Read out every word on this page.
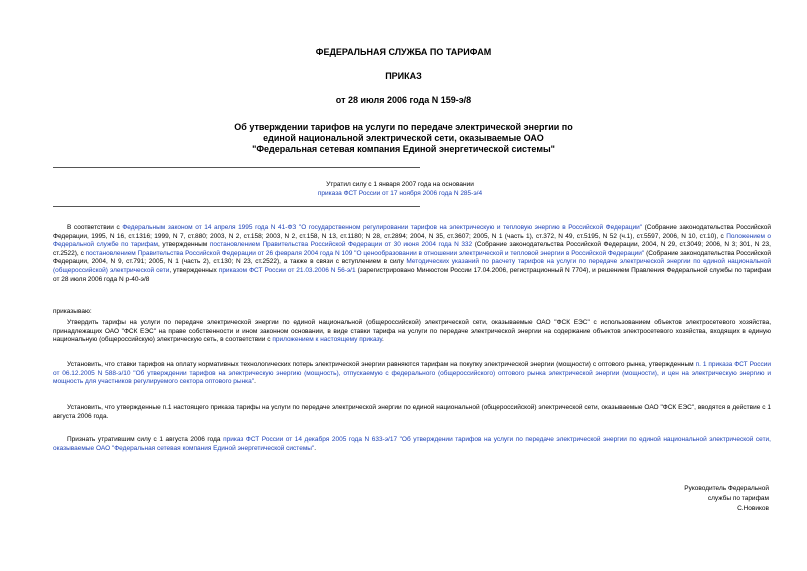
ФЕДЕРАЛЬНАЯ СЛУЖБА ПО ТАРИФАМ
ПРИКАЗ
от 28 июля 2006 года N 159-э/8
Об утверждении тарифов на услуги по передаче электрической энергии по
единой национальной электрической сети, оказываемые ОАО
"Федеральная сетевая компания Единой энергетической системы"
Утратил силу с 1 января 2007 года на основании
приказа ФСТ России от 17 ноября 2006 года N 285-э/4
В соответствии с Федеральным законом от 14 апреля 1995 года N 41-ФЗ "О государственном регулировании тарифов на электрическую и тепловую энергию в Российской Федерации" (Собрание законодательства Российской Федерации, 1995, N 16, ст.1316; 1999, N 7, ст.880; 2003, N 2, ст.158; 2003, N 2, ст.158, N 13, ст.1180; N 28, ст.2894; 2004, N 35, ст.3607; 2005, N 1 (часть 1), ст.372, N 49, ст.5195, N 52 (ч.1), ст.5597, 2006, N 10, ст.10), с Положением о Федеральной службе по тарифам, утвержденным постановлением Правительства Российской Федерации от 30 июня 2004 года N 332 (Собрание законодательства Российской Федерации, 2004, N 29, ст.3049; 2006, N 3; 301, N 23, ст.2522), с постановлением Правительства Российской Федерации от 26 февраля 2004 года N 109 "О ценообразовании в отношении электрической и тепловой энергии в Российской Федерации" (Собрание законодательства Российской Федерации, 2004, N 9, ст.791; 2005, N 1 (часть 2), ст.130; N 23, ст.2522), а также в связи с вступлением в силу Методических указаний по расчету тарифов на услуги по передаче электрической энергии по единой национальной (общероссийской) электрической сети, утвержденных приказом ФСТ России от 21.03.2006 N 56-э/1 (зарегистрировано Минюстом России 17.04.2006, регистрационный N 7704), и решением Правления Федеральной службы по тарифам от 28 июля 2006 года N р-40-э/8
приказываю:
Утвердить тарифы на услуги по передаче электрической энергии по единой национальной (общероссийской) электрической сети, оказываемые ОАО "ФСК ЕЭС" с использованием объектов электросетевого хозяйства, принадлежащих ОАО "ФСК ЕЭС" на праве собственности и ином законном основании, в виде ставки тарифа на услуги по передаче электрической энергии на содержание объектов электросетевого хозяйства, входящих в единую национальную (общероссийскую) электрическую сеть, в соответствии с приложением к настоящему приказу.
Установить, что ставки тарифов на оплату нормативных технологических потерь электрической энергии равняются тарифам на покупку электрической энергии (мощности) с оптового рынка, утвержденным п. 1 приказа ФСТ России от 06.12.2005 N 588-э/10 "Об утверждении тарифов на электрическую энергию (мощность), отпускаемую с федерального (общероссийского) оптового рынка электрической энергии (мощности), и цен на электрическую энергию и мощность для участников регулируемого сектора оптового рынка".
Установить, что утвержденные п.1 настоящего приказа тарифы на услуги по передаче электрической энергии по единой национальной (общероссийской) электрической сети, оказываемые ОАО "ФСК ЕЭС", вводятся в действие с 1 августа 2006 года.
Признать утратившим силу с 1 августа 2006 года приказ ФСТ России от 14 декабря 2005 года N 633-э/17 "Об утверждении тарифов на услуги по передаче электрической энергии по единой национальной электрической сети, оказываемые ОАО "Федеральная сетевая компания Единой энергетической системы".
Руководитель Федеральной
службы по тарифам
С.Новиков
